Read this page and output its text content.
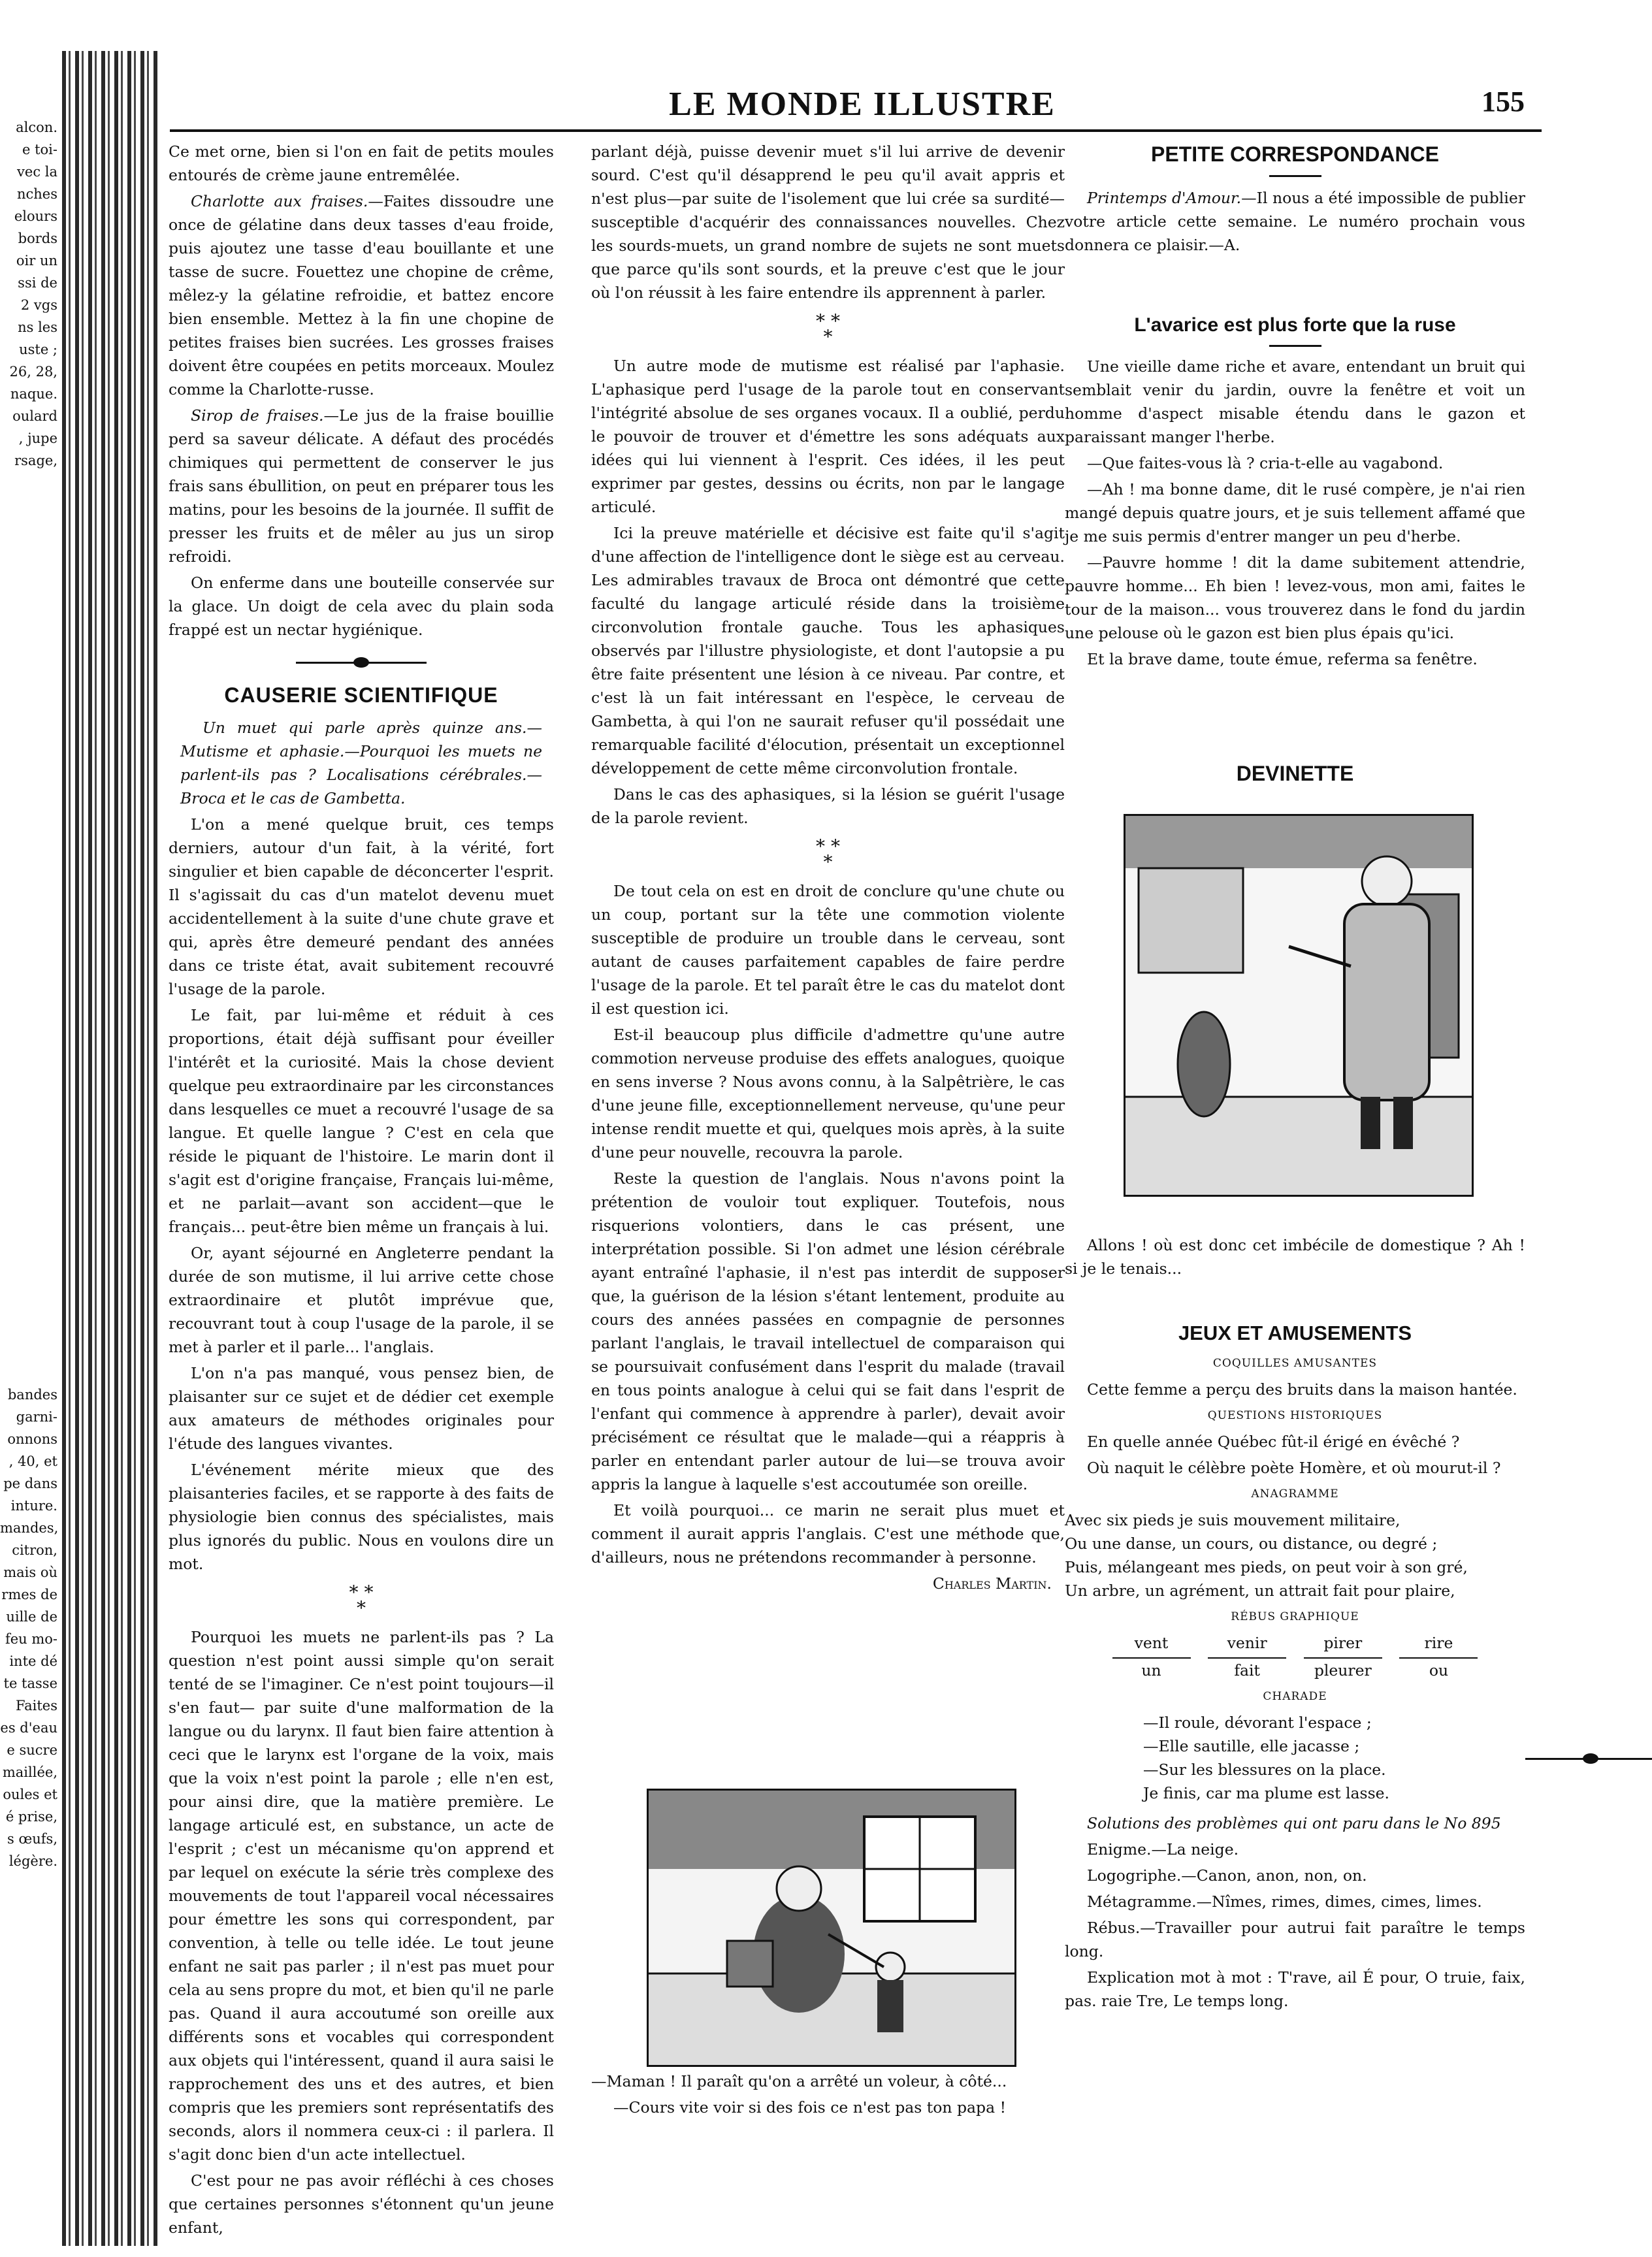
alcon.

e toi-

vec la

nches

elours

bords

oir un

ssi de

2 vgs

ns les

uste ;

26, 28,

naque.

oulard

, jupe

rsage,

bandes

garni-

onnons

, 40, et

pe dans

inture.

mandes,

citron,

mais où

rmes de

uille de

feu mo-

inte dé

te tasse

Faites

es d'eau

e sucre

maillée,

oules et

é prise,

s œufs,

légère.

LE MONDE ILLUSTRE	155

Ce met orne, bien si l'on en fait de petits moules entourés de crème jaune entremêlée.

Charlotte aux fraises.—Faites dissoudre une once de gélatine dans deux tasses d'eau froide, puis ajoutez une tasse d'eau bouillante et une tasse de sucre. Fouettez une chopine de crême, mêlez-y la gélatine refroidie, et battez encore bien ensemble. Mettez à la fin une chopine de petites fraises bien sucrées. Les grosses fraises doivent être coupées en petits morceaux. Moulez comme la Charlotte-russe.

Sirop de fraises.—Le jus de la fraise bouillie perd sa saveur délicate. A défaut des procédés chimiques qui permettent de conserver le jus frais sans ébullition, on peut en préparer tous les matins, pour les besoins de la journée. Il suffit de presser les fruits et de mêler au jus un sirop refroidi.

On enferme dans une bouteille conservée sur la glace. Un doigt de cela avec du plain soda frappé est un nectar hygiénique.

CAUSERIE SCIENTIFIQUE

Un muet qui parle après quinze ans.—Mutisme et aphasie.—Pourquoi les muets ne parlent-ils pas ? Localisations cérébrales.—Broca et le cas de Gambetta.

L'on a mené quelque bruit, ces temps derniers, autour d'un fait, à la vérité, fort singulier et bien capable de déconcerter l'esprit. Il s'agissait du cas d'un matelot devenu muet accidentellement à la suite d'une chute grave et qui, après être demeuré pendant des années dans ce triste état, avait subitement recouvré l'usage de la parole.

Le fait, par lui-même et réduit à ces proportions, était déjà suffisant pour éveiller l'intérêt et la curiosité. Mais la chose devient quelque peu extraordinaire par les circonstances dans lesquelles ce muet a recouvré l'usage de sa langue. Et quelle langue ? C'est en cela que réside le piquant de l'histoire. Le marin dont il s'agit est d'origine française, Français lui-même, et ne parlait—avant son accident—que le français... peut-être bien même un français à lui.

Or, ayant séjourné en Angleterre pendant la durée de son mutisme, il lui arrive cette chose extraordinaire et plutôt imprévue que, recouvrant tout à coup l'usage de la parole, il se met à parler et il parle... l'anglais.

L'on n'a pas manqué, vous pensez bien, de plaisanter sur ce sujet et de dédier cet exemple aux amateurs de méthodes originales pour l'étude des langues vivantes.

L'événement mérite mieux que des plaisanteries faciles, et se rapporte à des faits de physiologie bien connus des spécialistes, mais plus ignorés du public. Nous en voulons dire un mot.

* *
*

Pourquoi les muets ne parlent-ils pas ? La question n'est point aussi simple qu'on serait tenté de se l'imaginer. Ce n'est point toujours—il s'en faut— par suite d'une malformation de la langue ou du larynx. Il faut bien faire attention à ceci que le larynx est l'organe de la voix, mais que la voix n'est point la parole ; elle n'en est, pour ainsi dire, que la matière première. Le langage articulé est, en substance, un acte de l'esprit ; c'est un mécanisme qu'on apprend et par lequel on exécute la série très complexe des mouvements de tout l'appareil vocal nécessaires pour émettre les sons qui correspondent, par convention, à telle ou telle idée. Le tout jeune enfant ne sait pas parler ; il n'est pas muet pour cela au sens propre du mot, et bien qu'il ne parle pas. Quand il aura accoutumé son oreille aux différents sons et vocables qui correspondent aux objets qui l'intéressent, quand il aura saisi le rapprochement des uns et des autres, et bien compris que les premiers sont représentatifs des seconds, alors il nommera ceux-ci : il parlera. Il s'agit donc bien d'un acte intellectuel.

C'est pour ne pas avoir réfléchi à ces choses que certaines personnes s'étonnent qu'un jeune enfant,

parlant déjà, puisse devenir muet s'il lui arrive de devenir sourd. C'est qu'il désapprend le peu qu'il avait appris et n'est plus—par suite de l'isolement que lui crée sa surdité—susceptible d'acquérir des connaissances nouvelles. Chez les sourds-muets, un grand nombre de sujets ne sont muets que parce qu'ils sont sourds, et la preuve c'est que le jour où l'on réussit à les faire entendre ils apprennent à parler.

* *
*

Un autre mode de mutisme est réalisé par l'aphasie. L'aphasique perd l'usage de la parole tout en conservant l'intégrité absolue de ses organes vocaux. Il a oublié, perdu le pouvoir de trouver et d'émettre les sons adéquats aux idées qui lui viennent à l'esprit. Ces idées, il les peut exprimer par gestes, dessins ou écrits, non par le langage articulé.

Ici la preuve matérielle et décisive est faite qu'il s'agit d'une affection de l'intelligence dont le siège est au cerveau. Les admirables travaux de Broca ont démontré que cette faculté du langage articulé réside dans la troisième circonvolution frontale gauche. Tous les aphasiques observés par l'illustre physiologiste, et dont l'autopsie a pu être faite présentent une lésion à ce niveau. Par contre, et c'est là un fait intéressant en l'espèce, le cerveau de Gambetta, à qui l'on ne saurait refuser qu'il possédait une remarquable facilité d'élocution, présentait un exceptionnel développement de cette même circonvolution frontale.

Dans le cas des aphasiques, si la lésion se guérit l'usage de la parole revient.

* *
*

De tout cela on est en droit de conclure qu'une chute ou un coup, portant sur la tête une commotion violente susceptible de produire un trouble dans le cerveau, sont autant de causes parfaitement capables de faire perdre l'usage de la parole. Et tel paraît être le cas du matelot dont il est question ici.

Est-il beaucoup plus difficile d'admettre qu'une autre commotion nerveuse produise des effets analogues, quoique en sens inverse ? Nous avons connu, à la Salpêtrière, le cas d'une jeune fille, exceptionnellement nerveuse, qu'une peur intense rendit muette et qui, quelques mois après, à la suite d'une peur nouvelle, recouvra la parole.

Reste la question de l'anglais. Nous n'avons point la prétention de vouloir tout expliquer. Toutefois, nous risquerions volontiers, dans le cas présent, une interprétation possible. Si l'on admet une lésion cérébrale ayant entraîné l'aphasie, il n'est pas interdit de supposer que, la guérison de la lésion s'étant lentement, produite au cours des années passées en compagnie de personnes parlant l'anglais, le travail intellectuel de comparaison qui se poursuivait confusément dans l'esprit du malade (travail en tous points analogue à celui qui se fait dans l'esprit de l'enfant qui commence à apprendre à parler), devait avoir précisément ce résultat que le malade—qui a réappris à parler en entendant parler autour de lui—se trouva avoir appris la langue à laquelle s'est accoutumée son oreille.

Et voilà pourquoi... ce marin ne serait plus muet et comment il aurait appris l'anglais. C'est une méthode que, d'ailleurs, nous ne prétendons recommander à personne.

Charles Martin.

—Maman ! Il paraît qu'on a arrêté un voleur, à côté...

—Cours vite voir si des fois ce n'est pas ton papa !

PETITE CORRESPONDANCE

Printemps d'Amour.—Il nous a été impossible de publier votre article cette semaine. Le numéro prochain vous donnera ce plaisir.—A.

L'avarice est plus forte que la ruse

Une vieille dame riche et avare, entendant un bruit qui semblait venir du jardin, ouvre la fenêtre et voit un homme d'aspect misable étendu dans le gazon et paraissant manger l'herbe.

—Que faites-vous là ? cria-t-elle au vagabond.

—Ah ! ma bonne dame, dit le rusé compère, je n'ai rien mangé depuis quatre jours, et je suis tellement affamé que je me suis permis d'entrer manger un peu d'herbe.

—Pauvre homme ! dit la dame subitement attendrie, pauvre homme... Eh bien ! levez-vous, mon ami, faites le tour de la maison... vous trouverez dans le fond du jardin une pelouse où le gazon est bien plus épais qu'ici.

Et la brave dame, toute émue, referma sa fenêtre.

DEVINETTE

Allons ! où est donc cet imbécile de domestique ? Ah ! si je le tenais...

JEUX ET AMUSEMENTS
COQUILLES AMUSANTES

Cette femme a perçu des bruits dans la maison hantée.

QUESTIONS HISTORIQUES

En quelle année Québec fût-il érigé en évêché ?

Où naquit le célèbre poète Homère, et où mourut-il ?

ANAGRAMME

Avec six pieds je suis mouvement militaire,

Ou une danse, un cours, ou distance, ou degré ;

Puis, mélangeant mes pieds, on peut voir à son gré,

Un arbre, un agrément, un attrait fait pour plaire,

RÉBUS GRAPHIQUE
vent
un
venir
fait
pirer
pleurer
rire
ou
CHARADE

—Il roule, dévorant l'espace ;

—Elle sautille, elle jacasse ;

—Sur les blessures on la place.

Je finis, car ma plume est lasse.

Solutions des problèmes qui ont paru dans le No 895

Enigme.—La neige.

Logogriphe.—Canon, anon, non, on.

Métagramme.—Nîmes, rimes, dimes, cimes, limes.

Rébus.—Travailler pour autrui fait paraître le temps long.

Explication mot à mot : T'rave, ail É pour, O truie, faix, pas. raie Tre, Le temps long.
